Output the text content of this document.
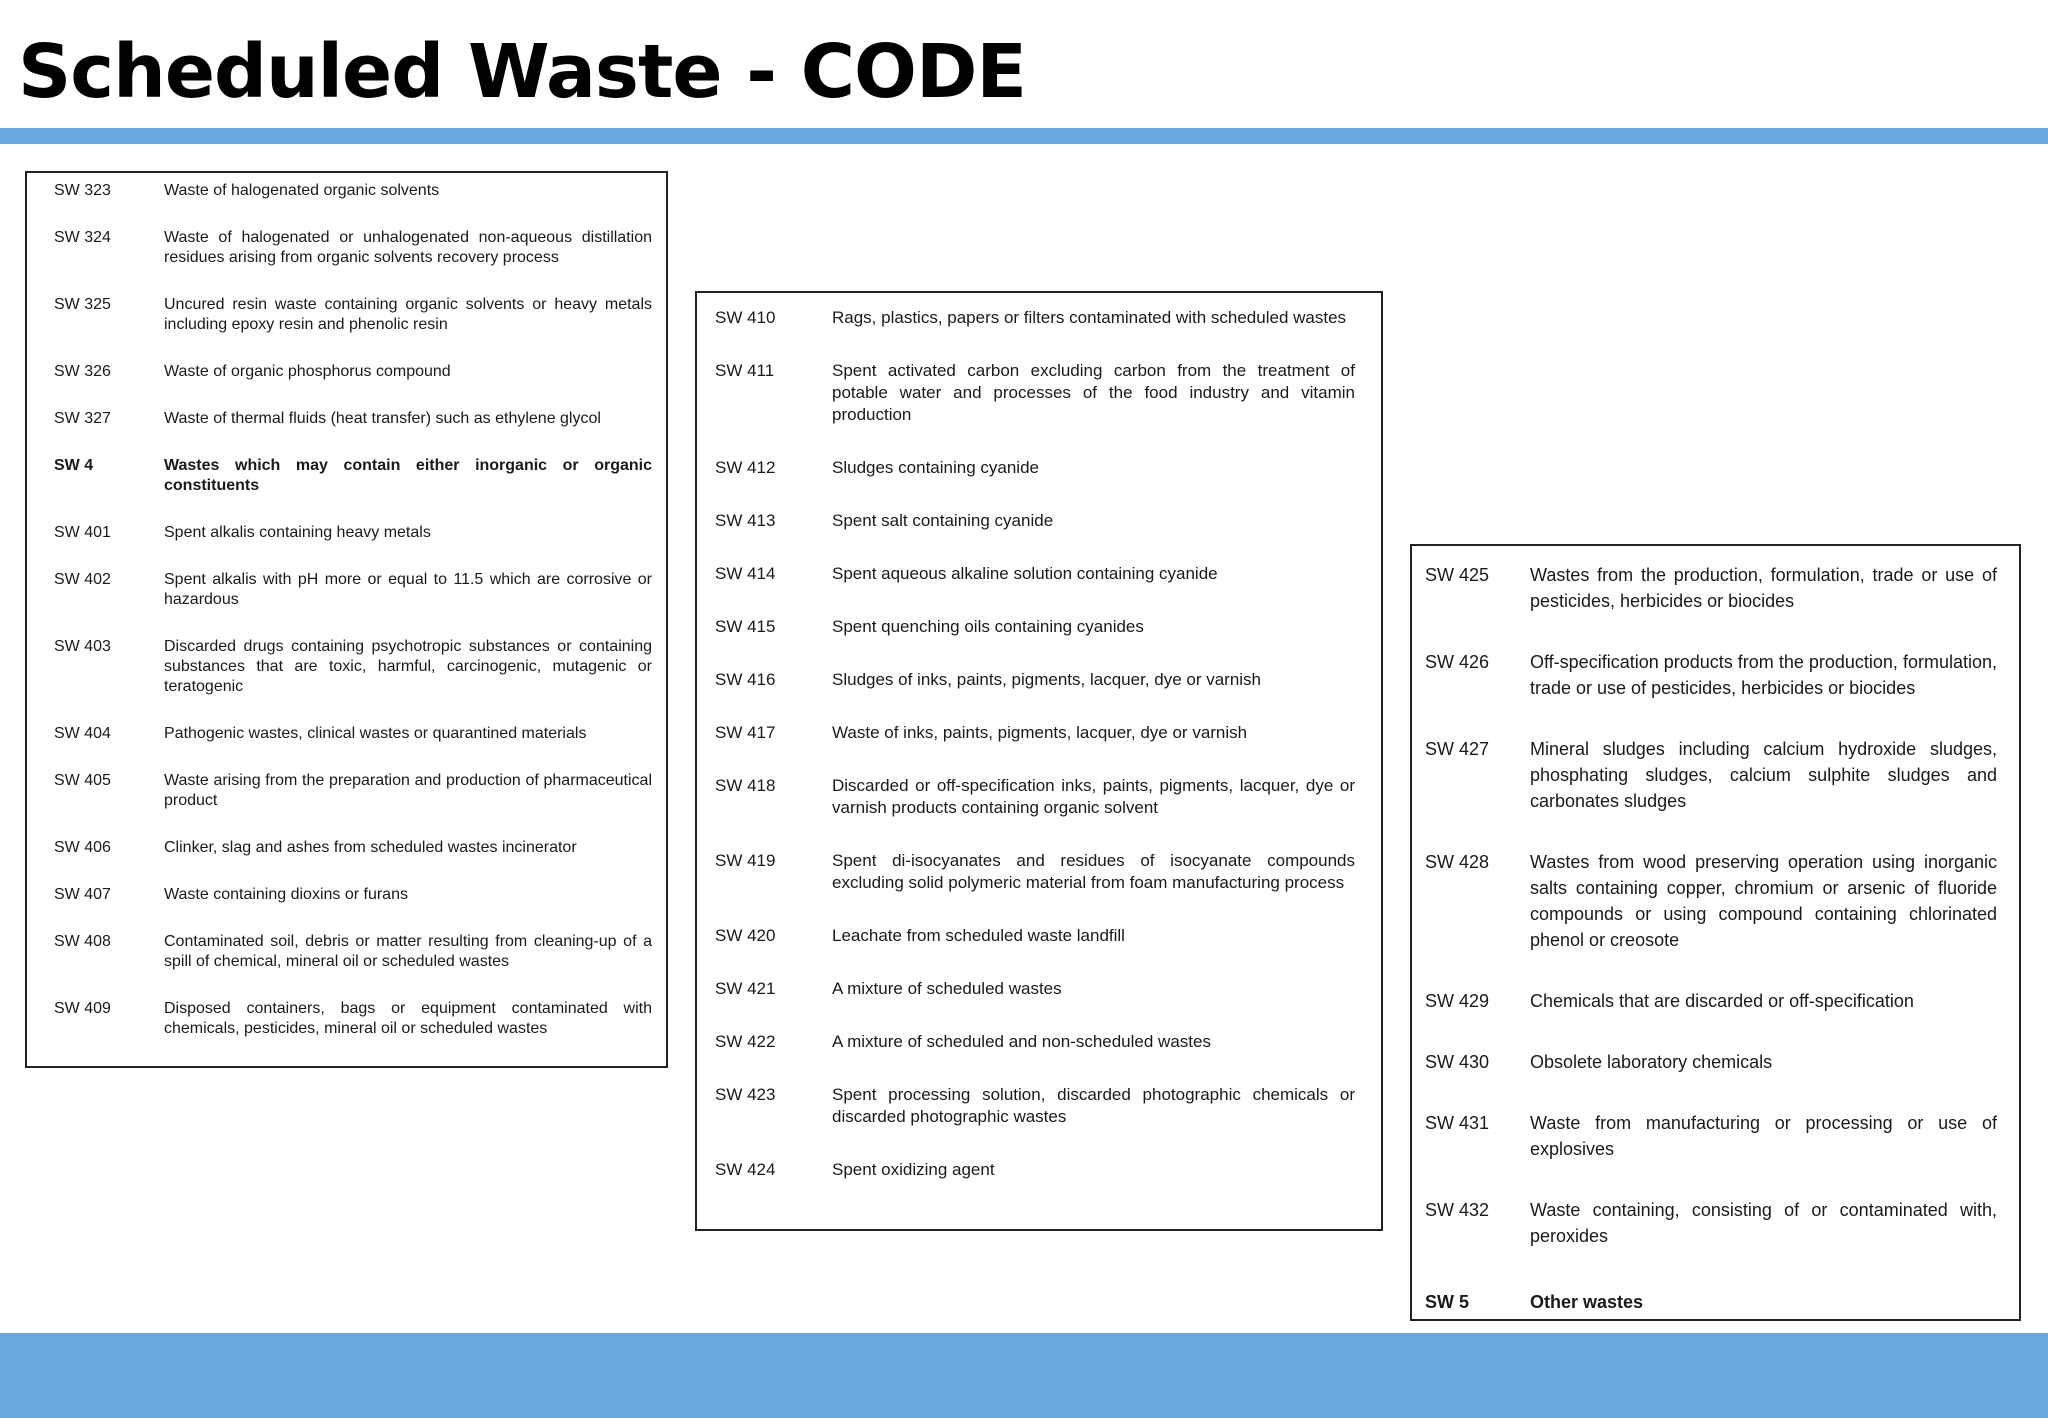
Scheduled Waste - CODE
SW 323	Waste of halogenated organic solvents
SW 324	Waste of halogenated or unhalogenated non-aqueous distillation residues arising from organic solvents recovery process
SW 325	Uncured resin waste containing organic solvents or heavy metals including epoxy resin and phenolic resin
SW 326	Waste of organic phosphorus compound
SW 327	Waste of thermal fluids (heat transfer) such as ethylene glycol
SW 4	Wastes which may contain either inorganic or organic constituents
SW 401	Spent alkalis containing heavy metals
SW 402	Spent alkalis with pH more or equal to 11.5 which are corrosive or hazardous
SW 403	Discarded drugs containing psychotropic substances or containing substances that are toxic, harmful, carcinogenic, mutagenic or teratogenic
SW 404	Pathogenic wastes, clinical wastes or quarantined materials
SW 405	Waste arising from the preparation and production of pharmaceutical product
SW 406	Clinker, slag and ashes from scheduled wastes incinerator
SW 407	Waste containing dioxins or furans
SW 408	Contaminated soil, debris or matter resulting from cleaning-up of a spill of chemical, mineral oil or scheduled wastes
SW 409	Disposed containers, bags or equipment contaminated with chemicals, pesticides, mineral oil or scheduled wastes
SW 410	Rags, plastics, papers or filters contaminated with scheduled wastes
SW 411	Spent activated carbon excluding carbon from the treatment of potable water and processes of the food industry and vitamin production
SW 412	Sludges containing cyanide
SW 413	Spent salt containing cyanide
SW 414	Spent aqueous alkaline solution containing cyanide
SW 415	Spent quenching oils containing cyanides
SW 416	Sludges of inks, paints, pigments, lacquer, dye or varnish
SW 417	Waste of inks, paints, pigments, lacquer, dye or varnish
SW 418	Discarded or off-specification inks, paints, pigments, lacquer, dye or varnish products containing organic solvent
SW 419	Spent di-isocyanates and residues of isocyanate compounds excluding solid polymeric material from foam manufacturing process
SW 420	Leachate from scheduled waste landfill
SW 421	A mixture of scheduled wastes
SW 422	A mixture of scheduled and non-scheduled wastes
SW 423	Spent processing solution, discarded photographic chemicals or discarded photographic wastes
SW 424	Spent oxidizing agent
SW 425	Wastes from the production, formulation, trade or use of pesticides, herbicides or biocides
SW 426	Off-specification products from the production, formulation, trade or use of pesticides, herbicides or biocides
SW 427	Mineral sludges including calcium hydroxide sludges, phosphating sludges, calcium sulphite sludges and carbonates sludges
SW 428	Wastes from wood preserving operation using inorganic salts containing copper, chromium or arsenic of fluoride compounds or using compound containing chlorinated phenol or creosote
SW 429	Chemicals that are discarded or off-specification
SW 430	Obsolete laboratory chemicals
SW 431	Waste from manufacturing or processing or use of explosives
SW 432	Waste containing, consisting of or contaminated with, peroxides
SW 5	Other wastes
